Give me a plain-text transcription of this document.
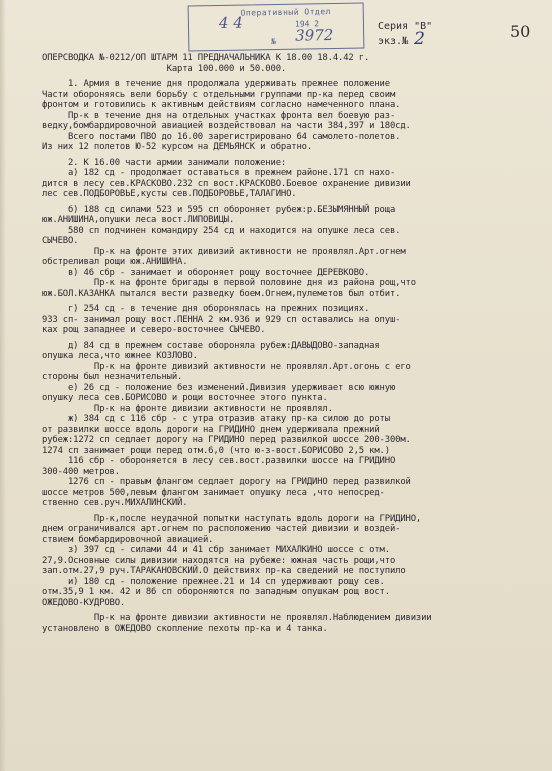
Оперативный Отдел
4 4	194 2
№ 3972	Серия "В"
экз.№ 2	50
ОПЕРСВОДКА №-0212/ОП ШТАРМ 11 ПРЕДНАЧАЛЬНИКА К 18.00 18.4.42 г.
Карта 100.000 и 50.000.
1. Армия в течение дня продолжала удерживать прежнее положение
Части обороняясь вели борьбу с отдельными группами пр-ка перед своим
фронтом и готовились к активным действиям согласно намеченного плана.
Пр-к в течение дня на отдельных участках фронта вел боевую раз-
ведку,бомбардировочной авиацией воздействовал на части 384,397 и 180сд.
Всего постами ПВО до 16.00 зарегистрировано 64 самолето-полетов.
Из них 12 полетов Ю-52 курсом на ДЕМЬЯНСК и обратно.
2. К 16.00 части армии занимали положение:
а) 182 сд - продолжает оставаться в прежнем районе.171 сп нахо-
дится в лесу сев.КРАСКОВО.232 сп вост.КРАСКОВО.Боевое охранение дивизии
лес сев.ПОДБОРОВЬЕ,кусты сев.ПОДБОРОВЬЕ,ТАЛАГИНО.
б) 188 сд силами 523 и 595 сп обороняет рубеж:р.БЕЗЫМЯННЫЙ роща
юж.АНИШИНА,опушки леса вост.ЛИПОВИЦЫ.
580 сп подчинен командиру 254 сд и находится на опушке леса сев.
СЫЧЕВО.
Пр-к на фронте этих дивизий активности не проявлял.Арт.огнем
обстреливал рощи юж.АНИШИНА.
в) 46 сбр - занимает и обороняет рощу восточнее ДЕРЕВКОВО.
Пр-к на фронте бригады в первой половине дня из района рощ,что
юж.БОЛ.КАЗАНКА пытался вести разведку боем.Огнем,пулеметов был отбит.
г) 254 сд - в течение дня оборонялась на прежних позициях.
933 сп- занимал рощу вост.ПЕННА 2 км.936 и 929 сп оставались на опуш-
ках рощ западнее и северо-восточнее СЫЧЕВО.
д) 84 сд в прежнем составе обороняла рубеж:ДАВЫДОВО-западная
опушка леса,что южнее КОЗЛОВО.
Пр-к на фронте дивизий активности не проявлял.Арт.огонь с его
стороны был незначительный.
е) 26 сд - положение без изменений.Дивизия удерживает всю южную
опушку леса сев.БОРИСОВО и рощи восточнее этого пункта.
Пр-к на фронте дивизии активности не проявлял.
ж) 384 сд с 116 сбр - с утра отразив атаку пр-ка силою до роты
от развилки шоссе вдоль дороги на ГРИДИНО днем удерживала прежний
рубеж:1272 сп седлает дорогу на ГРИДИНО перед развилкой шоссе 200-300м.
1274 сп занимает рощи перед отм.6,0 (что ю-з-вост.БОРИСОВО 2,5 км.)
116 сбр - обороняется в лесу сев.вост.развилки шоссе на ГРИДИНО
300-400 метров.
1276 сп - правым флангом седлает дорогу на ГРИДИНО перед развилкой
шоссе метров 500,левым флангом занимает опушку леса ,что непосред-
ственно сев.руч.МИХАЛИНСКИЙ.
Пр-к,после неудачной попытки наступать вдоль дороги на ГРИДИНО,
днем ограничивался арт.огнем по расположению частей дивизии и воздей-
ствием бомбардировочной авиацией.
з) 397 сд - силами 44 и 41 сбр занимает МИХАЛКИНО шоссе с отм.
27,9.Основные силы дивизии находятся на рубеже: южная часть рощи,что
зап.отм.27,9 руч.ТАРАКАНОВСКИЙ.О действиях пр-ка сведений не поступило
и) 180 сд - положение прежнее.21 и 14 сп удерживают рощу сев.
отм.35,9 1 км. 42 и 86 сп обороняются по западным опушкам рощ вост.
ОЖЕДОВО-КУДРОВО.
Пр-к на фронте дивизии активности не проявлял.Наблюдением дивизии
установлено в ОЖЕДОВО скопление пехоты пр-ка и 4 танка.
